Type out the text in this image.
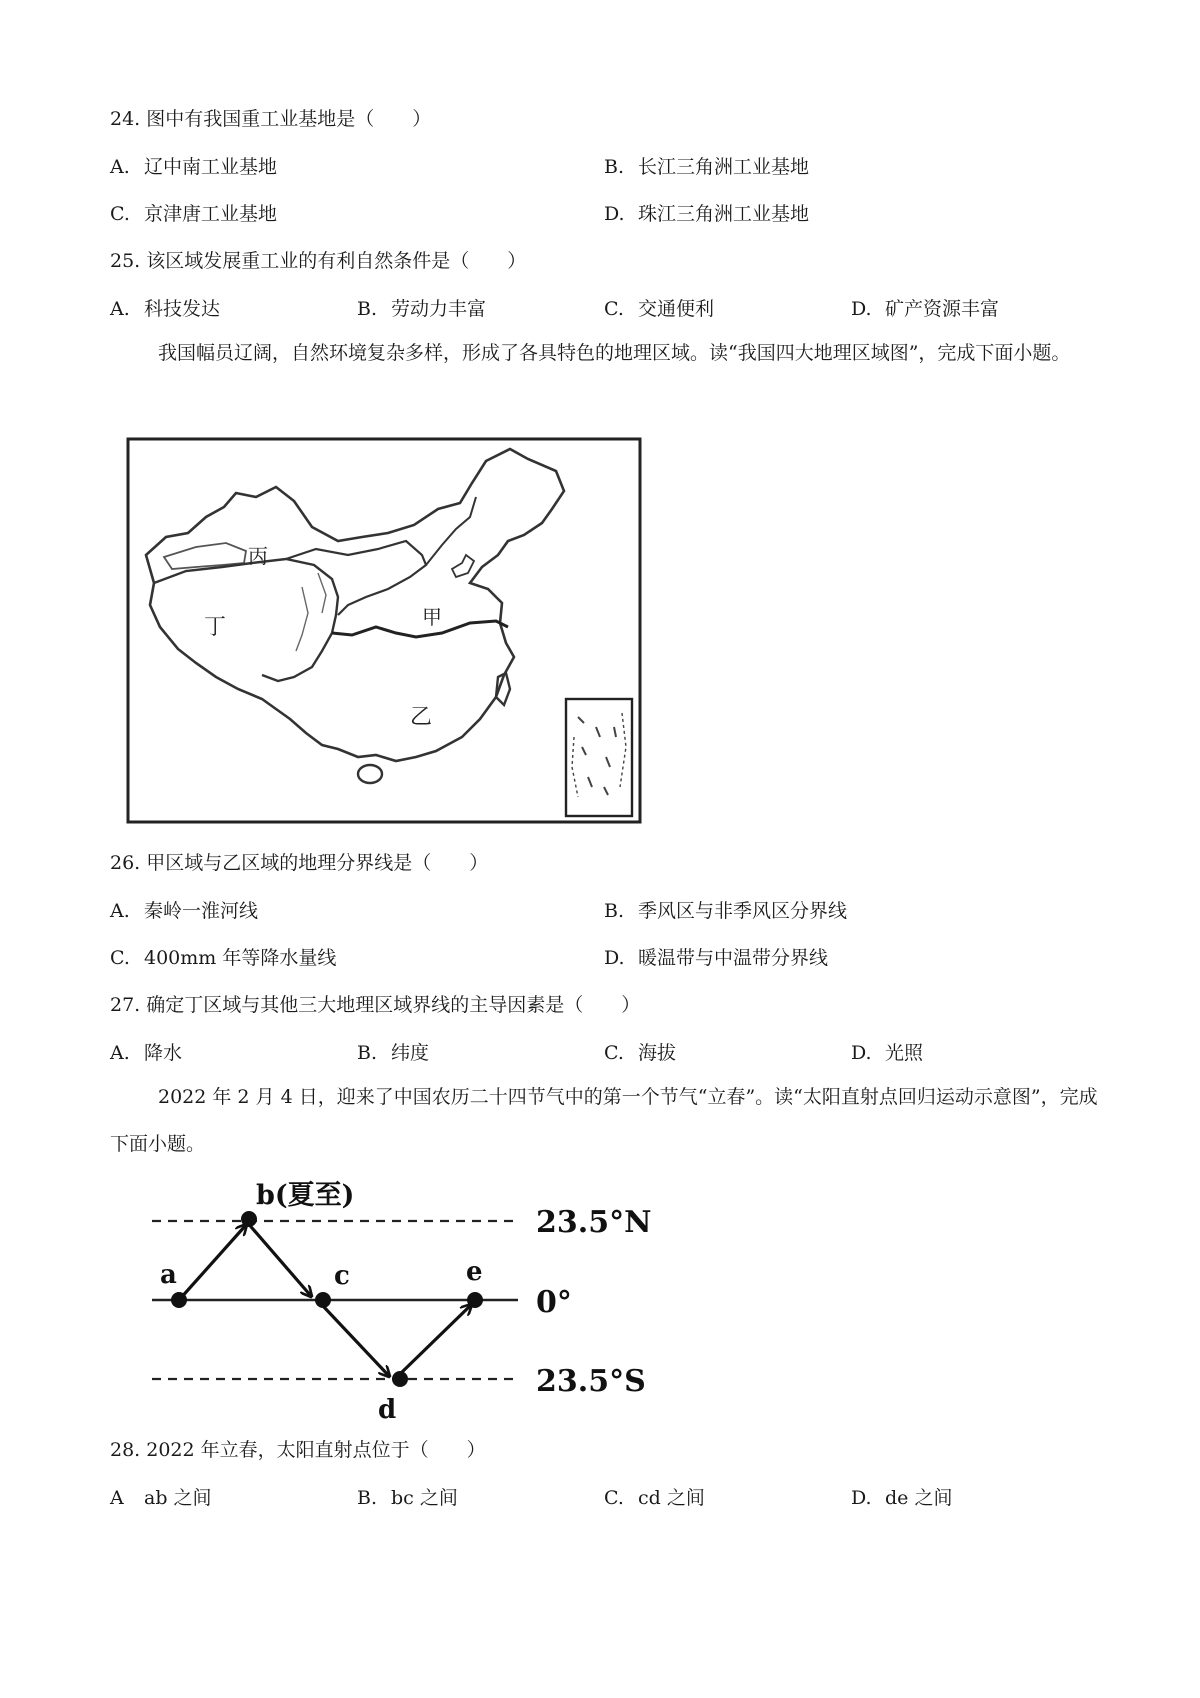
24. 图中有我国重工业基地是（　　）
A. 辽中南工业基地	B. 长江三角洲工业基地
C. 京津唐工业基地	D. 珠江三角洲工业基地
25. 该区域发展重工业的有利自然条件是（　　）
A. 科技发达	B. 劳动力丰富	C. 交通便利	D. 矿产资源丰富
我国幅员辽阔，自然环境复杂多样，形成了各具特色的地理区域。读“我国四大地理区域图”，完成下面小题。
丙
丁	甲
乙
26. 甲区域与乙区域的地理分界线是（　　）
A. 秦岭一淮河线	B. 季风区与非季风区分界线
C. 400mm 年等降水量线	D. 暖温带与中温带分界线
27. 确定丁区域与其他三大地理区域界线的主导因素是（　　）
A. 降水	B. 纬度	C. 海拔	D. 光照
2022 年 2 月 4 日，迎来了中国农历二十四节气中的第一个节气“立春”。读“太阳直射点回归运动示意图”，完成下面小题。
a
b(夏至)
c
d
e
23.5°N
0°
23.5°S
28. 2022 年立春，太阳直射点位于（　　）
A ab 之间	B. bc 之间	C. cd 之间	D. de 之间
